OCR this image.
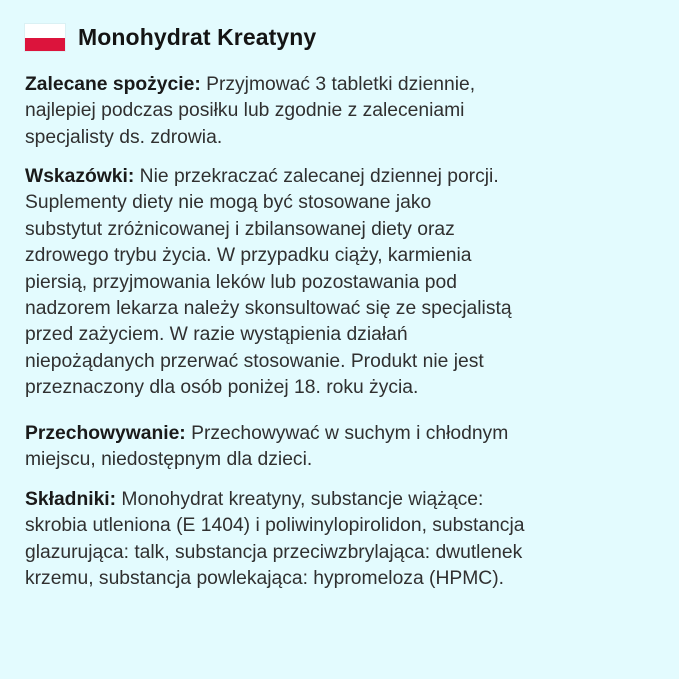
Monohydrat Kreatyny
Zalecane spożycie: Przyjmować 3 tabletki dziennie,
najlepiej podczas posiłku lub zgodnie z zaleceniami
specjalisty ds. zdrowia.
Wskazówki: Nie przekraczać zalecanej dziennej porcji.
Suplementy diety nie mogą być stosowane jako
substytut zróżnicowanej i zbilansowanej diety oraz
zdrowego trybu życia. W przypadku ciąży, karmienia
piersią, przyjmowania leków lub pozostawania pod
nadzorem lekarza należy skonsultować się ze specjalistą
przed zażyciem. W razie wystąpienia działań
niepożądanych przerwać stosowanie. Produkt nie jest
przeznaczony dla osób poniżej 18. roku życia.
Przechowywanie: Przechowywać w suchym i chłodnym
miejscu, niedostępnym dla dzieci.
Składniki: Monohydrat kreatyny, substancje wiążące:
skrobia utleniona (E 1404) i poliwinylopirolidon, substancja
glazurująca: talk, substancja przeciwzbrylająca: dwutlenek
krzemu, substancja powlekająca: hypromeloza (HPMC).
